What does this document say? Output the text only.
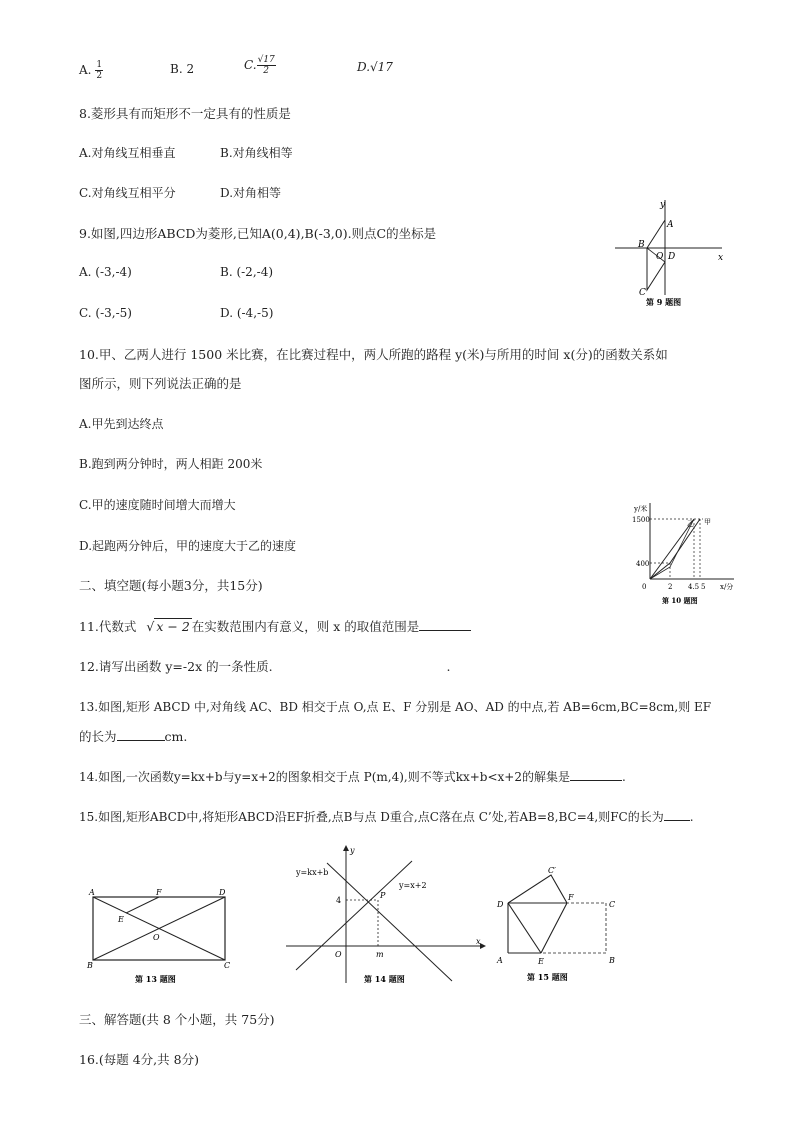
A. $\frac{1}{2}$	B. 2	C. $\frac{√17}{2}$	D.√17
8.菱形具有而矩形不一定具有的性质是
A.对角线互相垂直	B.对角线相等
C.对角线互相平分	D.对角相等
9.如图,四边形ABCD为菱形,已知A(0,4),B(-3,0).则点C的坐标是
A. (-3,-4)	B. (-2,-4)
C. (-3,-5)	D. (-4,-5)
y
x
A
B
O D
C
第 9 题图
10.甲、乙两人进行 1500 米比赛，在比赛过程中，两人所跑的路程 y(米)与所用的时间 x(分)的函数关系如
图所示，则下列说法正确的是
A.甲先到达终点
B.跑到两分钟时，两人相距 200米
C.甲的速度随时间增大而增大
D.起跑两分钟后，甲的速度大于乙的速度
y/米
1500
400
0	2 4.5 5 x/分
乙 甲
第 10 题图
二、填空题(每小题3分，共15分)
11.代数式 √ x − 2 在实数范围内有意义，则 x 的取值范围是
12.请写出函数 y=-2x 的一条性质.	.
13.如图,矩形 ABCD 中,对角线 AC、BD 相交于点 O,点 E、F 分别是 AO、AD 的中点,若 AB=6cm,BC=8cm,则 EF
的长为	cm.
14.如图,一次函数y=kx+b与y=x+2的图象相交于点 P(m,4),则不等式kx+b<x+2的解集是	.
15.如图,矩形ABCD中,将矩形ABCD沿EF折叠,点B与点 D重合,点C落在点 C’处,若AB=8,BC=4,则FC的长为 .
A	F	D
E
O
B	C
第 13 题图
y=kx+b
y=x+2
y
x
P
4
O	m
第 14 题图
C′
D
F
C
A	E	B
第 15 题图
三、解答题(共 8 个小题，共 75分)
16.(每题 4分,共 8分)
